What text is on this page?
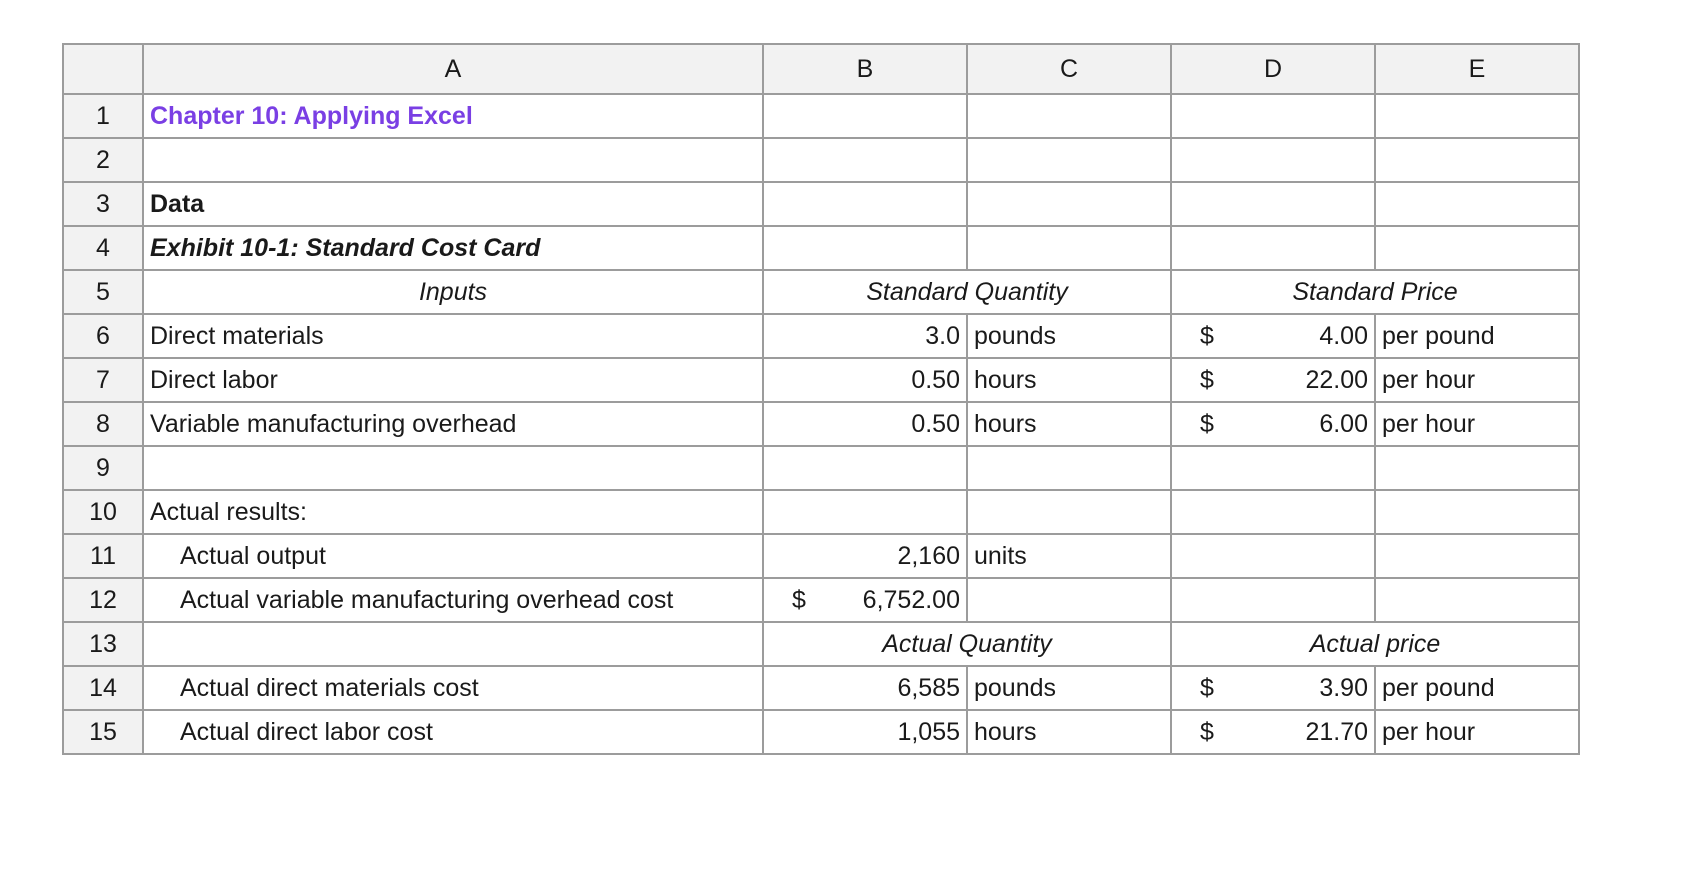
	A	B	C	D	E
1	Chapter 10: Applying Excel				
2					
3	Data				
4	Exhibit 10-1: Standard Cost Card				
5	Inputs	Standard Quantity		Standard Price	
6	Direct materials	3.0	pounds	$ 4.00	per pound
7	Direct labor	0.50	hours	$ 22.00	per hour
8	Variable manufacturing overhead	0.50	hours	$ 6.00	per hour
9					
10	Actual results:				
11	Actual output	2,160	units		
12	Actual variable manufacturing overhead cost	$ 6,752.00			

13		Actual Quantity		Actual price	
14	Actual direct materials cost	6,585	pounds	$ 3.90	per pound
15	Actual direct labor cost	1,055	hours	$ 21.70	per hour
